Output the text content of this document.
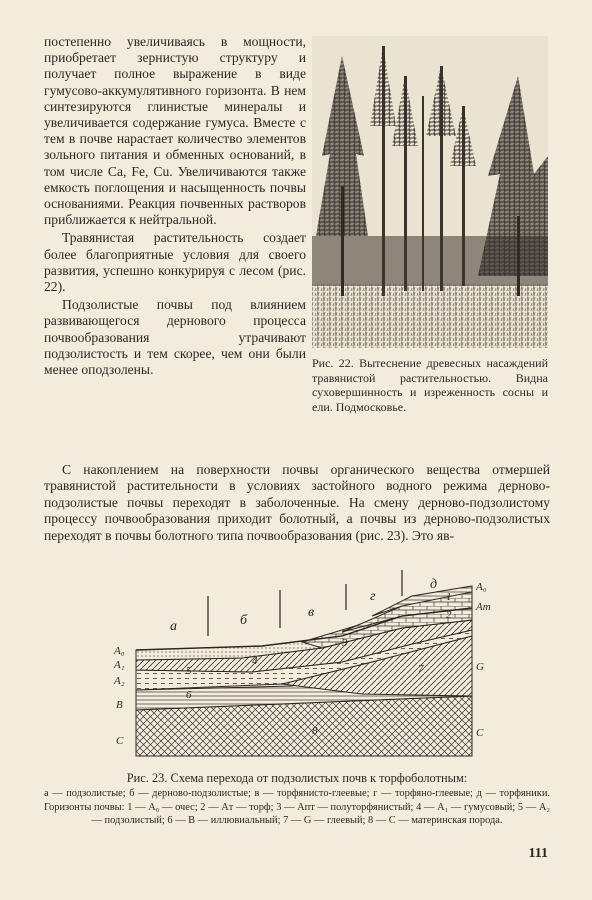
постепенно увеличиваясь в мощности, приобретает зернистую структуру и получает полное выражение в виде гумусово-аккумулятивного горизонта. В нем синтезируются глинистые минералы и увеличивается содержание гумуса. Вместе с тем в почве нарастает количество элементов зольного питания и обменных оснований, в том числе Ca, Fe, Cu. Увеличиваются также емкость поглощения и насыщенность почвы основаниями. Реакция почвенных растворов приближается к нейтральной.

Травянистая растительность создает более благоприятные условия для своего развития, успешно конкурируя с лесом (рис. 22).

Подзолистые почвы под влиянием развивающегося дернового процесса почвообразования утрачивают подзолистость и тем скорее, чем они были менее оподзолены.	Рис. 22. Вытеснение древесных насаждений травянистой растительностью. Видна суховершинность и изреженность сосны и ели. Подмосковье.

С накоплением на поверхности почвы органического вещества отмершей травянистой растительности в условиях застойного водного режима дерново-подзолистые почвы переходят в заболоченные. На смену дерново-подзолистому процессу почвообразования приходит болотный, а почвы из дерново-подзолистых переходят в почвы болотного типа почвообразования (рис. 23). Это яв-

а	б
в
г
д
A₀
A₁
A₂
B
C
A₀
Aт
G
C
1
2
3
4
5
6
7
8
Рис. 23. Схема перехода от подзолистых почв к торфоболотным:
а — подзолистые; б — дерново-подзолистые; в — торфянисто-глеевые; г — торфяно-глеевые; д — торфяники. Горизонты почвы: 1 — A₀ — очес; 2 — Aт — торф; 3 — Aпт — полуторфянистый; 4 — A₁ — гумусовый; 5 — A₂ — подзолистый; 6 — B — иллювиальный; 7 — G — глеевый; 8 — C — материнская порода.
111
